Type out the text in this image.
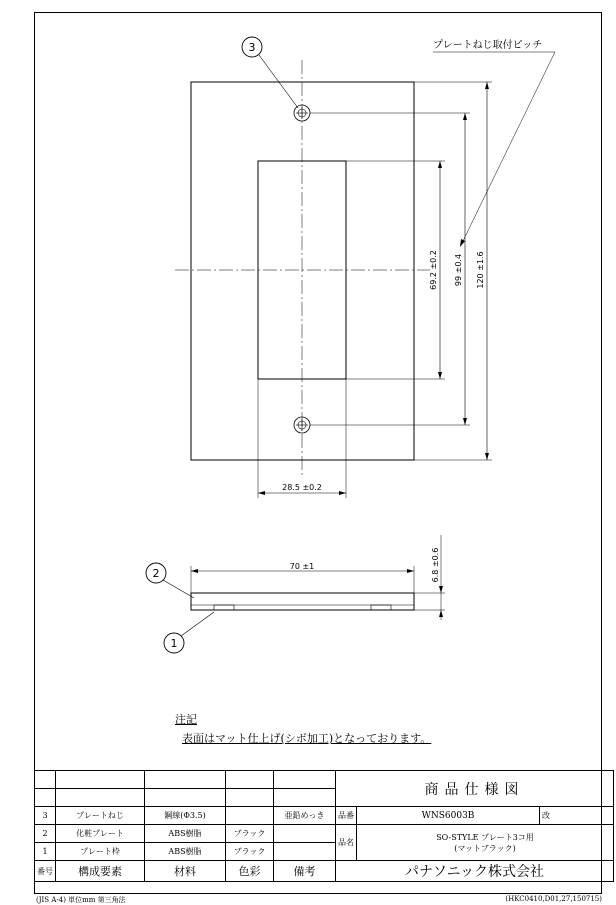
69.2 ±0.2 99 ±0.4 120 ±1.6
28.5 ±0.2
プレートねじ取付ピッチ
3
70 ±1	6.8 ±0.6
2
1
注記
表面はマット仕上げ(シボ加工)となっております。
					商品仕様図		

3	プレートねじ	鋼線(Φ3.5)		亜鉛めっき	品番	WNS6003B	改
2	化粧プレート	ABS樹脂	ブラック		品名	SO-STYLE プレート3コ用
(マットブラック)	

1	プレート枠	ABS樹脂	ブラック				
番号	構成要素	材料	色彩	備考	パナソニック株式会社		
(JIS A-4) 単位mm 第三角法	(HKC0410,D01,27,150715)
